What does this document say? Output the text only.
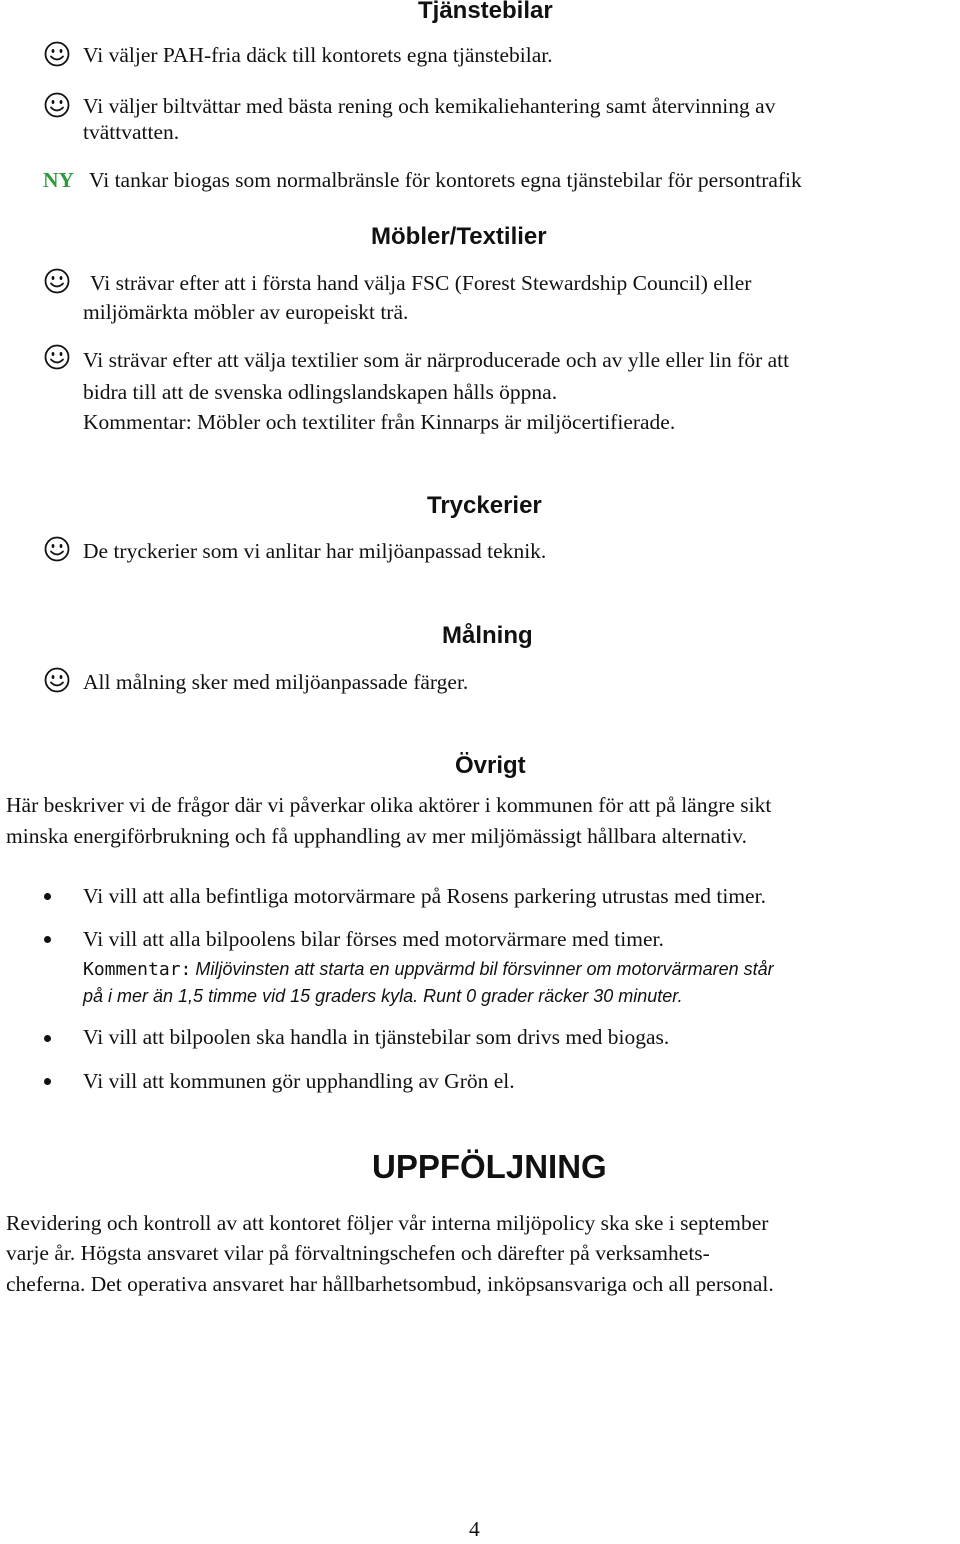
Tjänstebilar
Vi väljer PAH-fria däck till kontorets egna tjänstebilar.
Vi väljer biltvättar med bästa rening och kemikaliehantering samt återvinning av
tvättvatten.
NY Vi tankar biogas som normalbränsle för kontorets egna tjänstebilar för persontrafik
Möbler/Textilier
Vi strävar efter att i första hand välja FSC (Forest Stewardship Council) eller
miljömärkta möbler av europeiskt trä.
Vi strävar efter att välja textilier som är närproducerade och av ylle eller lin för att
bidra till att de svenska odlingslandskapen hålls öppna.
Kommentar: Möbler och textiliter från Kinnarps är miljöcertifierade.
Tryckerier
De tryckerier som vi anlitar har miljöanpassad teknik.
Målning
All målning sker med miljöanpassade färger.
Övrigt
Här beskriver vi de frågor där vi påverkar olika aktörer i kommunen för att på längre sikt
minska energiförbrukning och få upphandling av mer miljömässigt hållbara alternativ.
Vi vill att alla befintliga motorvärmare på Rosens parkering utrustas med timer.
Vi vill att alla bilpoolens bilar förses med motorvärmare med timer.
Kommentar: Miljövinsten att starta en uppvärmd bil försvinner om motorvärmaren står
på i mer än 1,5 timme vid 15 graders kyla. Runt 0 grader räcker 30 minuter.
Vi vill att bilpoolen ska handla in tjänstebilar som drivs med biogas.
Vi vill att kommunen gör upphandling av Grön el.
UPPFÖLJNING
Revidering och kontroll av att kontoret följer vår interna miljöpolicy ska ske i september
varje år. Högsta ansvaret vilar på förvaltningschefen och därefter på verksamhets-
cheferna. Det operativa ansvaret har hållbarhetsombud, inköpsansvariga och all personal.
4
